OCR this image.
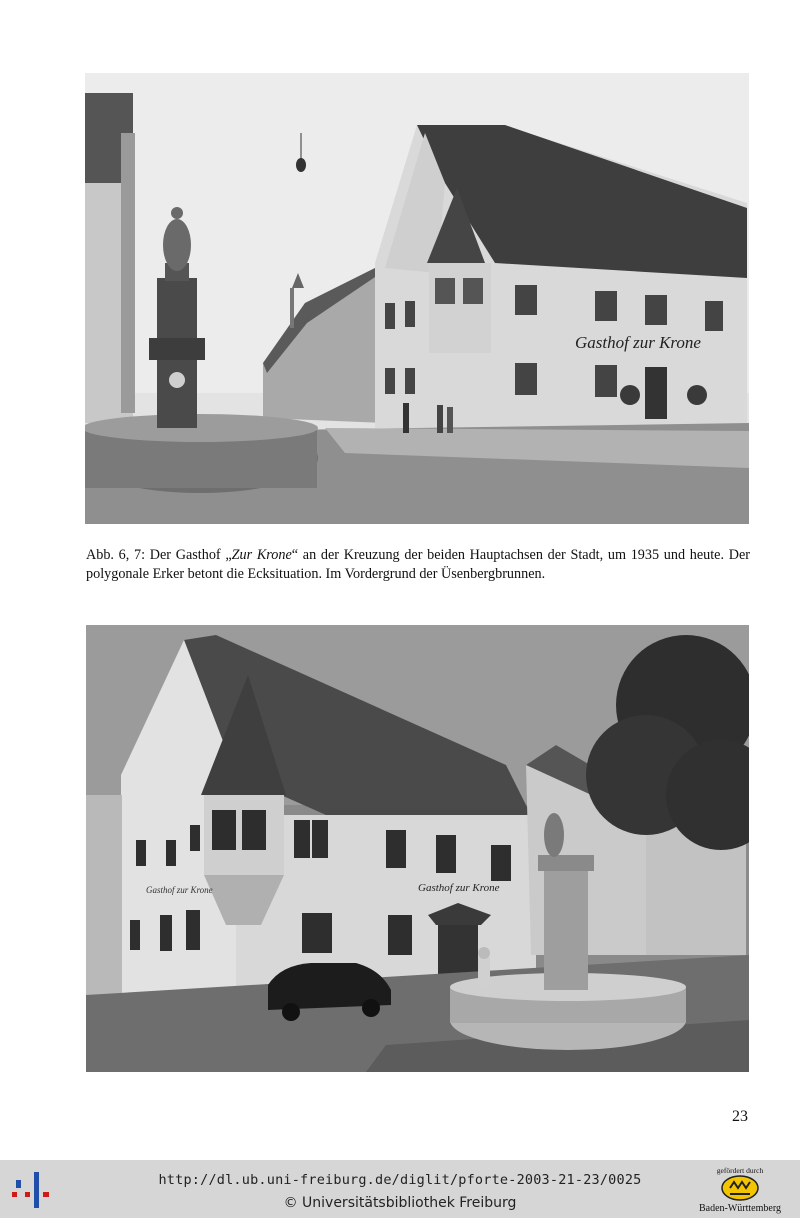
Gasthof zur Krone
Abb. 6, 7: Der Gasthof „Zur Krone“ an der Kreuzung der beiden Hauptachsen der Stadt, um 1935 und heute. Der polygonale Erker betont die Ecksituation. Im Vordergrund der Üsenbergbrunnen.
Gasthof zur Krone
Gasthof zur Krone
23
http://dl.ub.uni-freiburg.de/diglit/pforte-2003-21-23/0025
© Universitätsbibliothek Freiburg
gefördert durch
Baden-Württemberg
